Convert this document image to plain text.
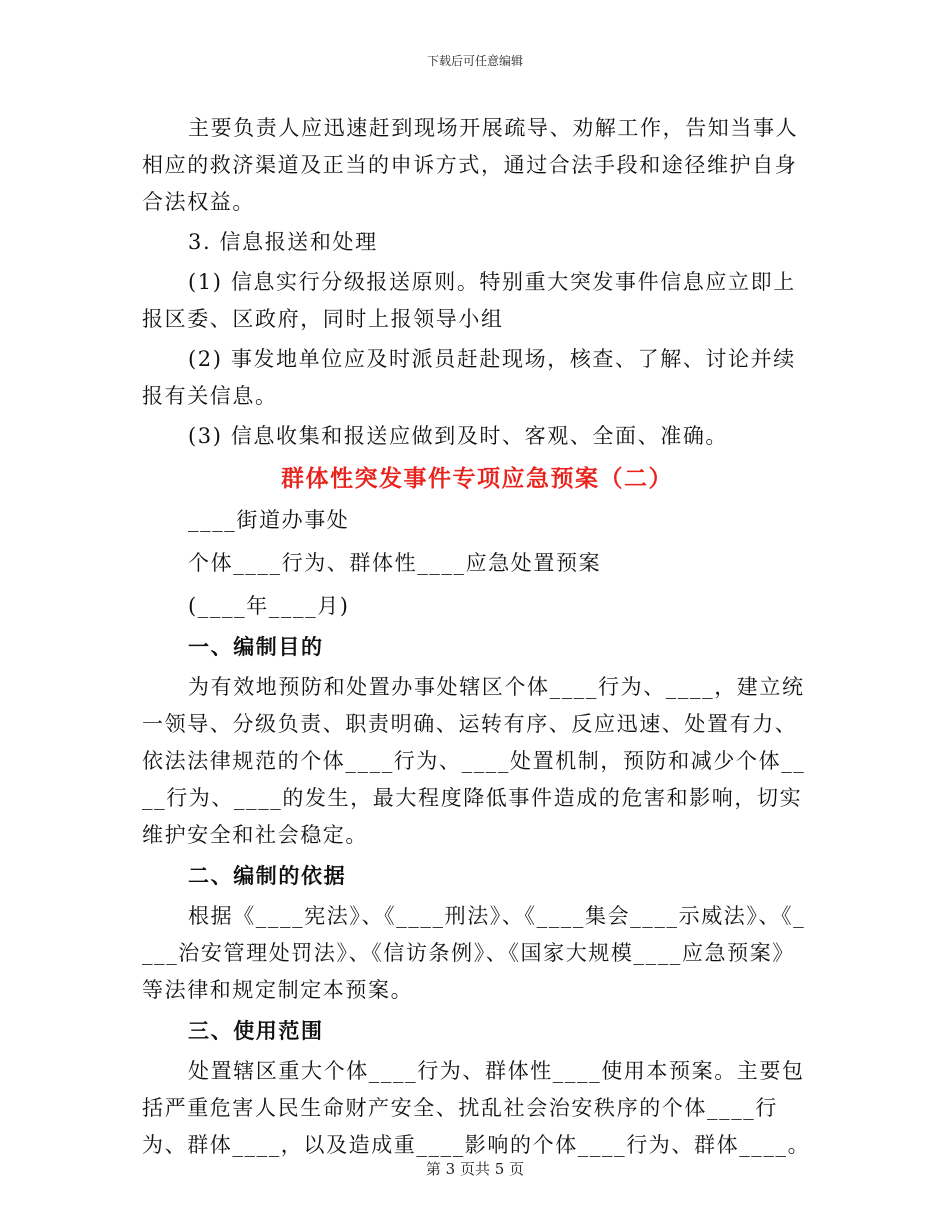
下载后可任意编辑

主要负责人应迅速赶到现场开展疏导、劝解工作，告知当事人相应的救济渠道及正当的申诉方式，通过合法手段和途径维护自身合法权益。

3. 信息报送和处理

(1) 信息实行分级报送原则。特别重大突发事件信息应立即上报区委、区政府，同时上报领导小组

(2) 事发地单位应及时派员赶赴现场，核查、了解、讨论并续报有关信息。

(3) 信息收集和报送应做到及时、客观、全面、准确。

群体性突发事件专项应急预案（二）

____街道办事处

个体____行为、群体性____应急处置预案

(____年____月)

一、编制目的

为有效地预防和处置办事处辖区个体____行为、____，建立统一领导、分级负责、职责明确、运转有序、反应迅速、处置有力、依法法律规范的个体____行为、____处置机制，预防和减少个体____行为、____的发生，最大程度降低事件造成的危害和影响，切实维护安全和社会稳定。

二、编制的依据

根据《____宪法》、《____刑法》、《____集会____示威法》、《____治安管理处罚法》、《信访条例》、《国家大规模____应急预案》等法律和规定制定本预案。

三、使用范围

处置辖区重大个体____行为、群体性____使用本预案。主要包括严重危害人民生命财产安全、扰乱社会治安秩序的个体____行为、群体____，以及造成重____影响的个体____行为、群体____。

第 3 页共 5 页
